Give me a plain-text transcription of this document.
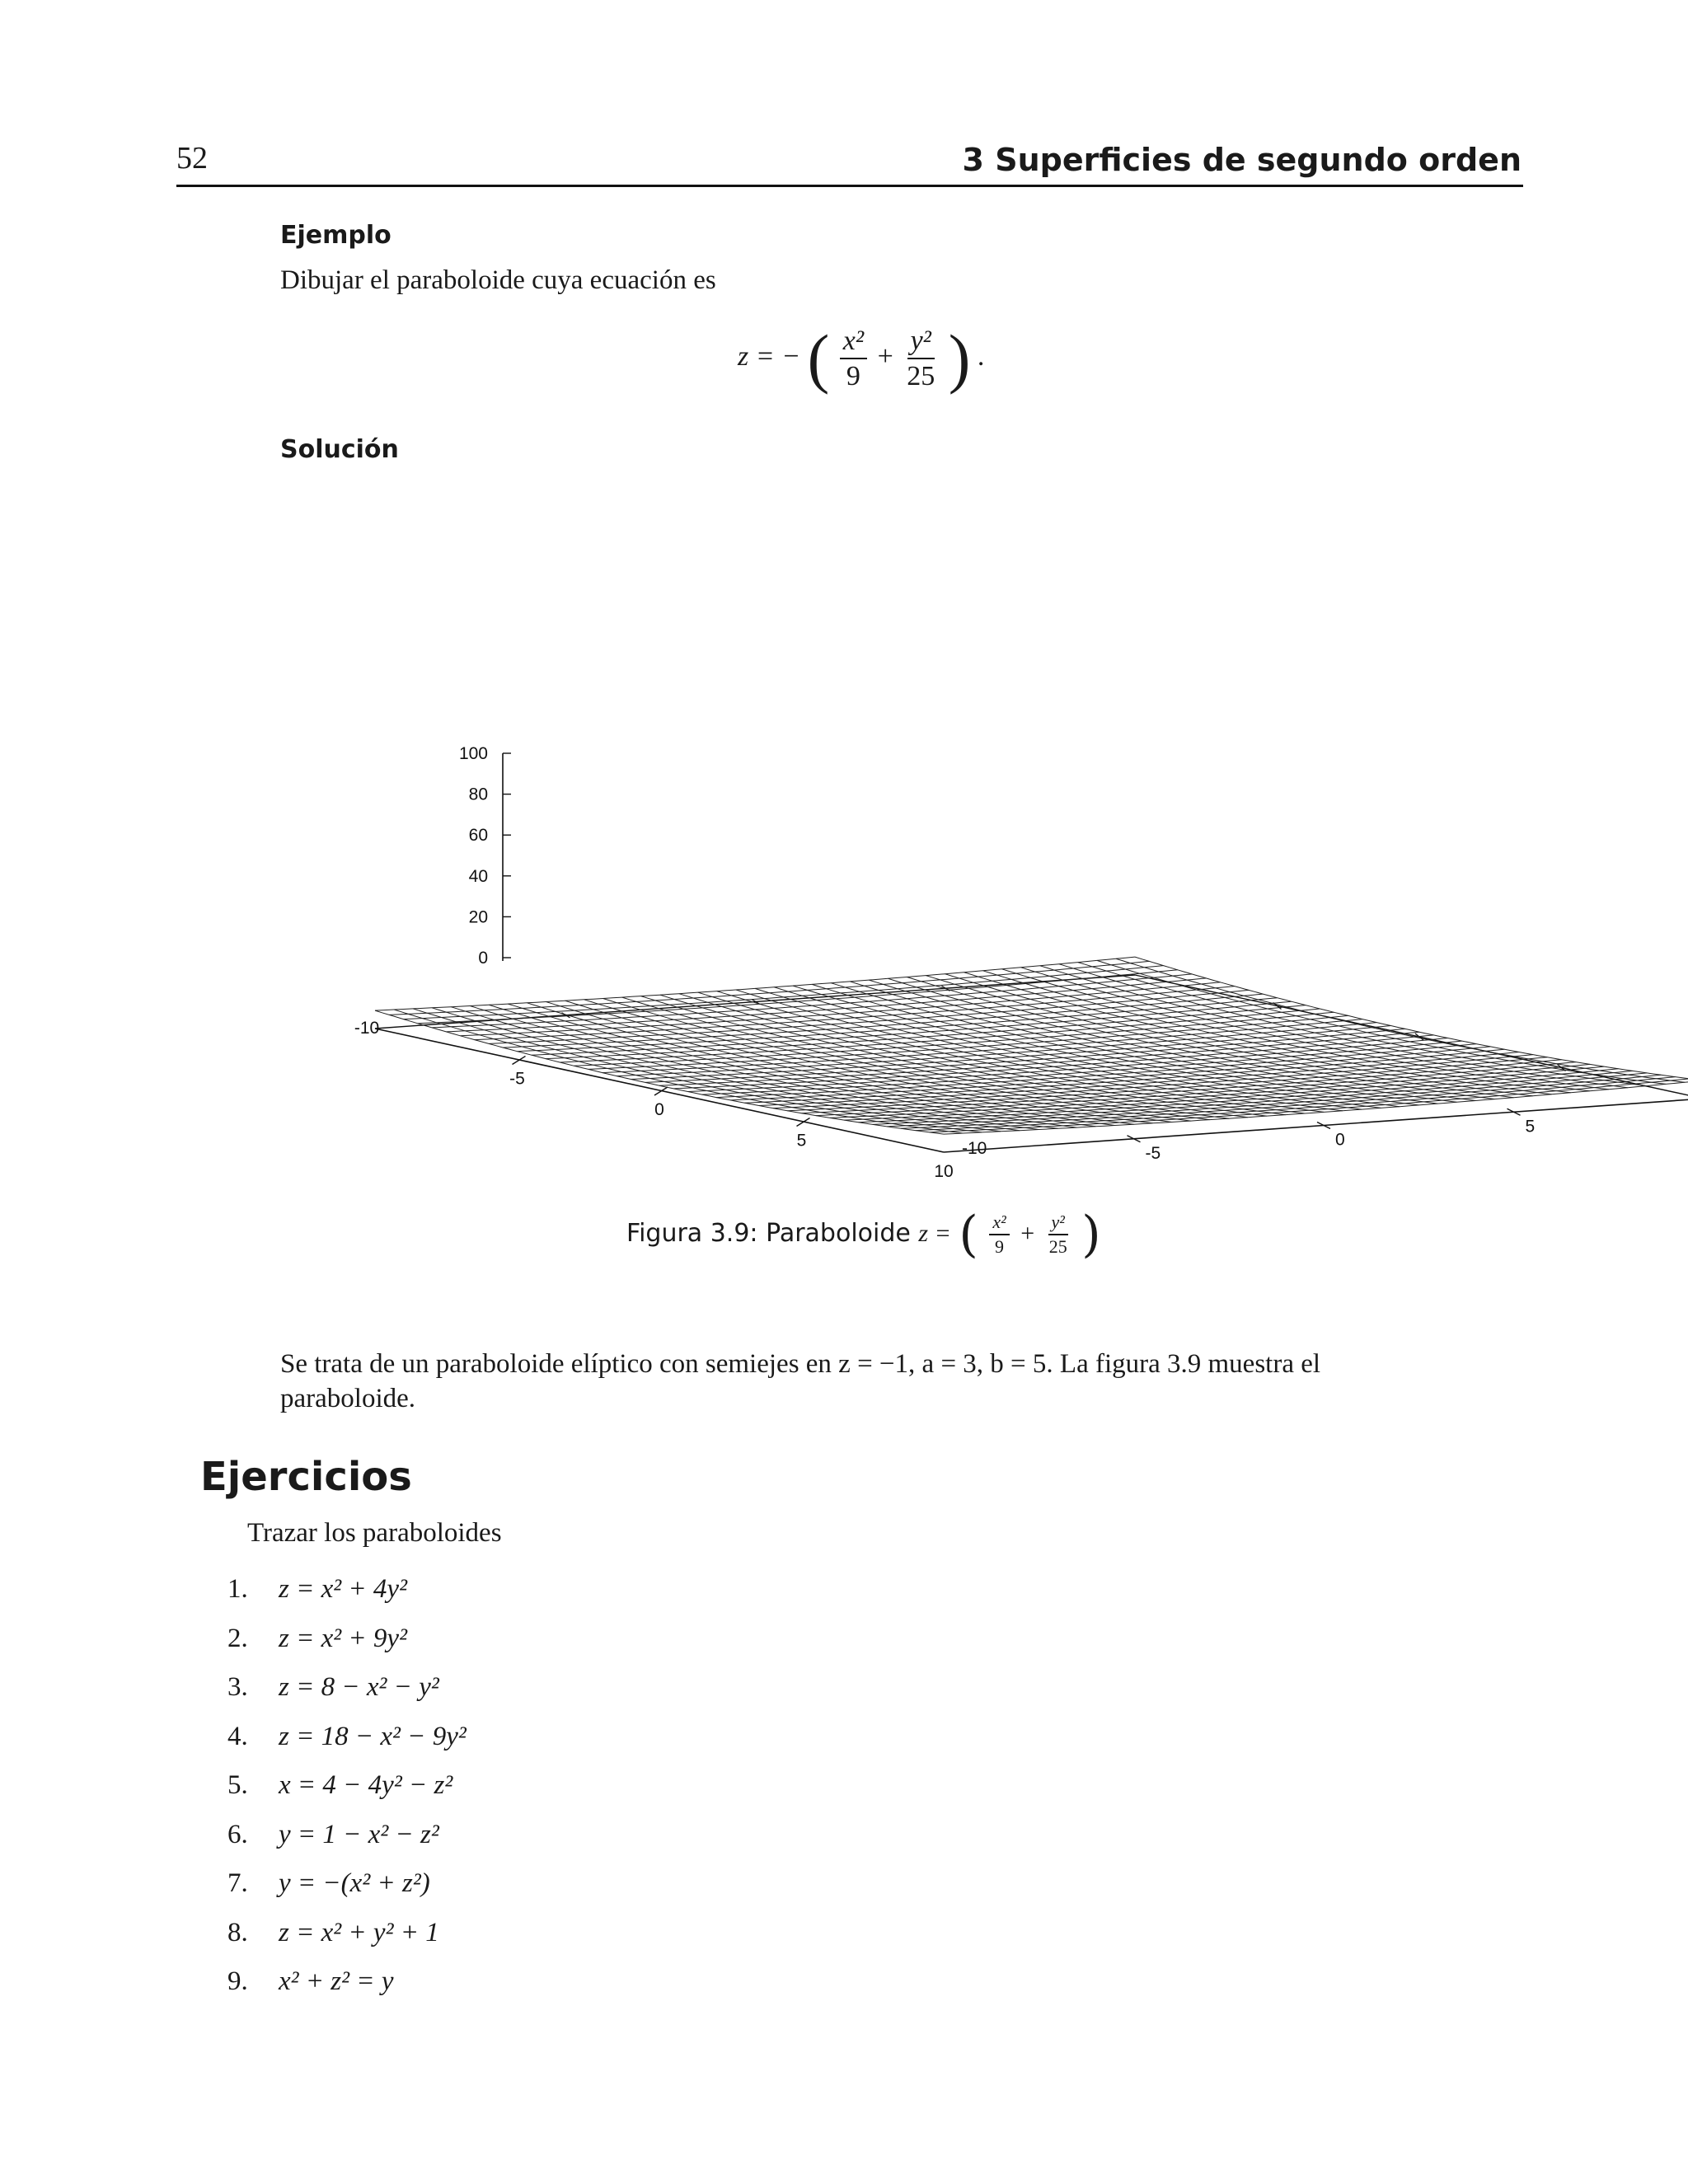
52	3 Superficies de segundo orden
Ejemplo
Dibujar el paraboloide cuya ecuación es
z = − ( $\frac{\text{x²}}{9} + \frac{\text{y²}}{25}$ ) .
Solución
0
20
40
60
80
100
-10
-5
0
5
10
-10	-5
0
5
Figura 3.9: Paraboloide z = ( $\frac{\text{x²}}{9} + \frac{\text{y²}}{25}$ )
Se trata de un paraboloide elíptico con semiejes en z = −1, a = 3, b = 5. La figura 3.9 muestra el paraboloide.
Ejercicios
Trazar los paraboloides
1.	z = x² + 4y²
2.	z = x² + 9y²
3.	z = 8 − x² − y²
4.	z = 18 − x² − 9y²
5.	x = 4 − 4y² − z²
6.	y = 1 − x² − z²
7.	y = −(x² + z²)
8.	z = x² + y² + 1
9.	x² + z² = y
